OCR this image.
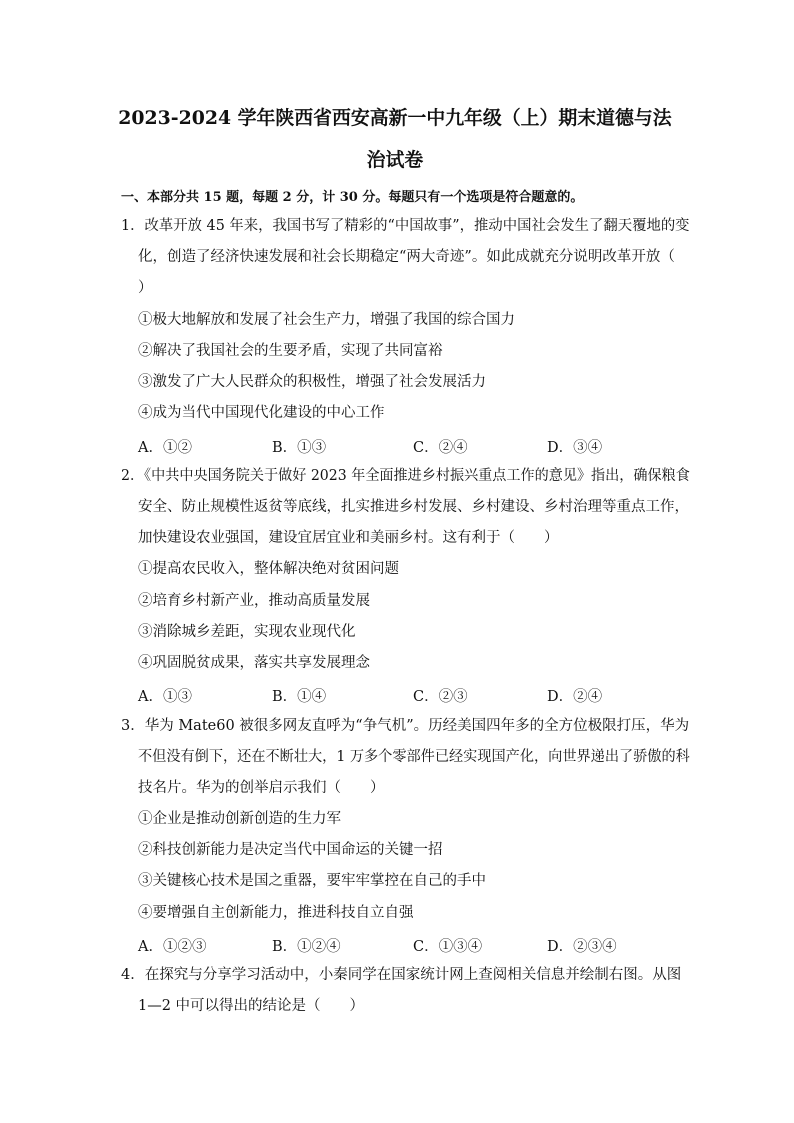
2023-2024 学年陕西省西安高新一中九年级（上）期末道德与法
治试卷
一、本部分共 15 题，每题 2 分，计 30 分。每题只有一个选项是符合题意的。
1．改革开放 45 年来，我国书写了精彩的“中国故事”，推动中国社会发生了翻天覆地的变
化，创造了经济快速发展和社会长期稳定“两大奇迹”。如此成就充分说明改革开放（
）
①极大地解放和发展了社会生产力，增强了我国的综合国力
②解决了我国社会的生要矛盾，实现了共同富裕
③激发了广大人民群众的积极性，增强了社会发展活力
④成为当代中国现代化建设的中心工作
A．①②	B．①③	C．②④	D．③④
2．《中共中央国务院关于做好 2023 年全面推进乡村振兴重点工作的意见》指出，确保粮食
安全、防止规模性返贫等底线，扎实推进乡村发展、乡村建设、乡村治理等重点工作，
加快建设农业强国，建设宜居宜业和美丽乡村。这有利于（　　）
①提高农民收入，整体解决绝对贫困问题
②培育乡村新产业，推动高质量发展
③消除城乡差距，实现农业现代化
④巩固脱贫成果，落实共享发展理念
A．①③	B．①④	C．②③	D．②④
3．华为 Mate60 被很多网友直呼为“争气机”。历经美国四年多的全方位极限打压，华为
不但没有倒下，还在不断壮大，1 万多个零部件已经实现国产化，向世界递出了骄傲的科
技名片。华为的创举启示我们（　　）
①企业是推动创新创造的生力军
②科技创新能力是决定当代中国命运的关键一招
③关键核心技术是国之重器，要牢牢掌控在自己的手中
④要增强自主创新能力，推进科技自立自强
A．①②③	B．①②④	C．①③④	D．②③④
4．在探究与分享学习活动中，小秦同学在国家统计网上查阅相关信息并绘制右图。从图
1—2 中可以得出的结论是（　　）
